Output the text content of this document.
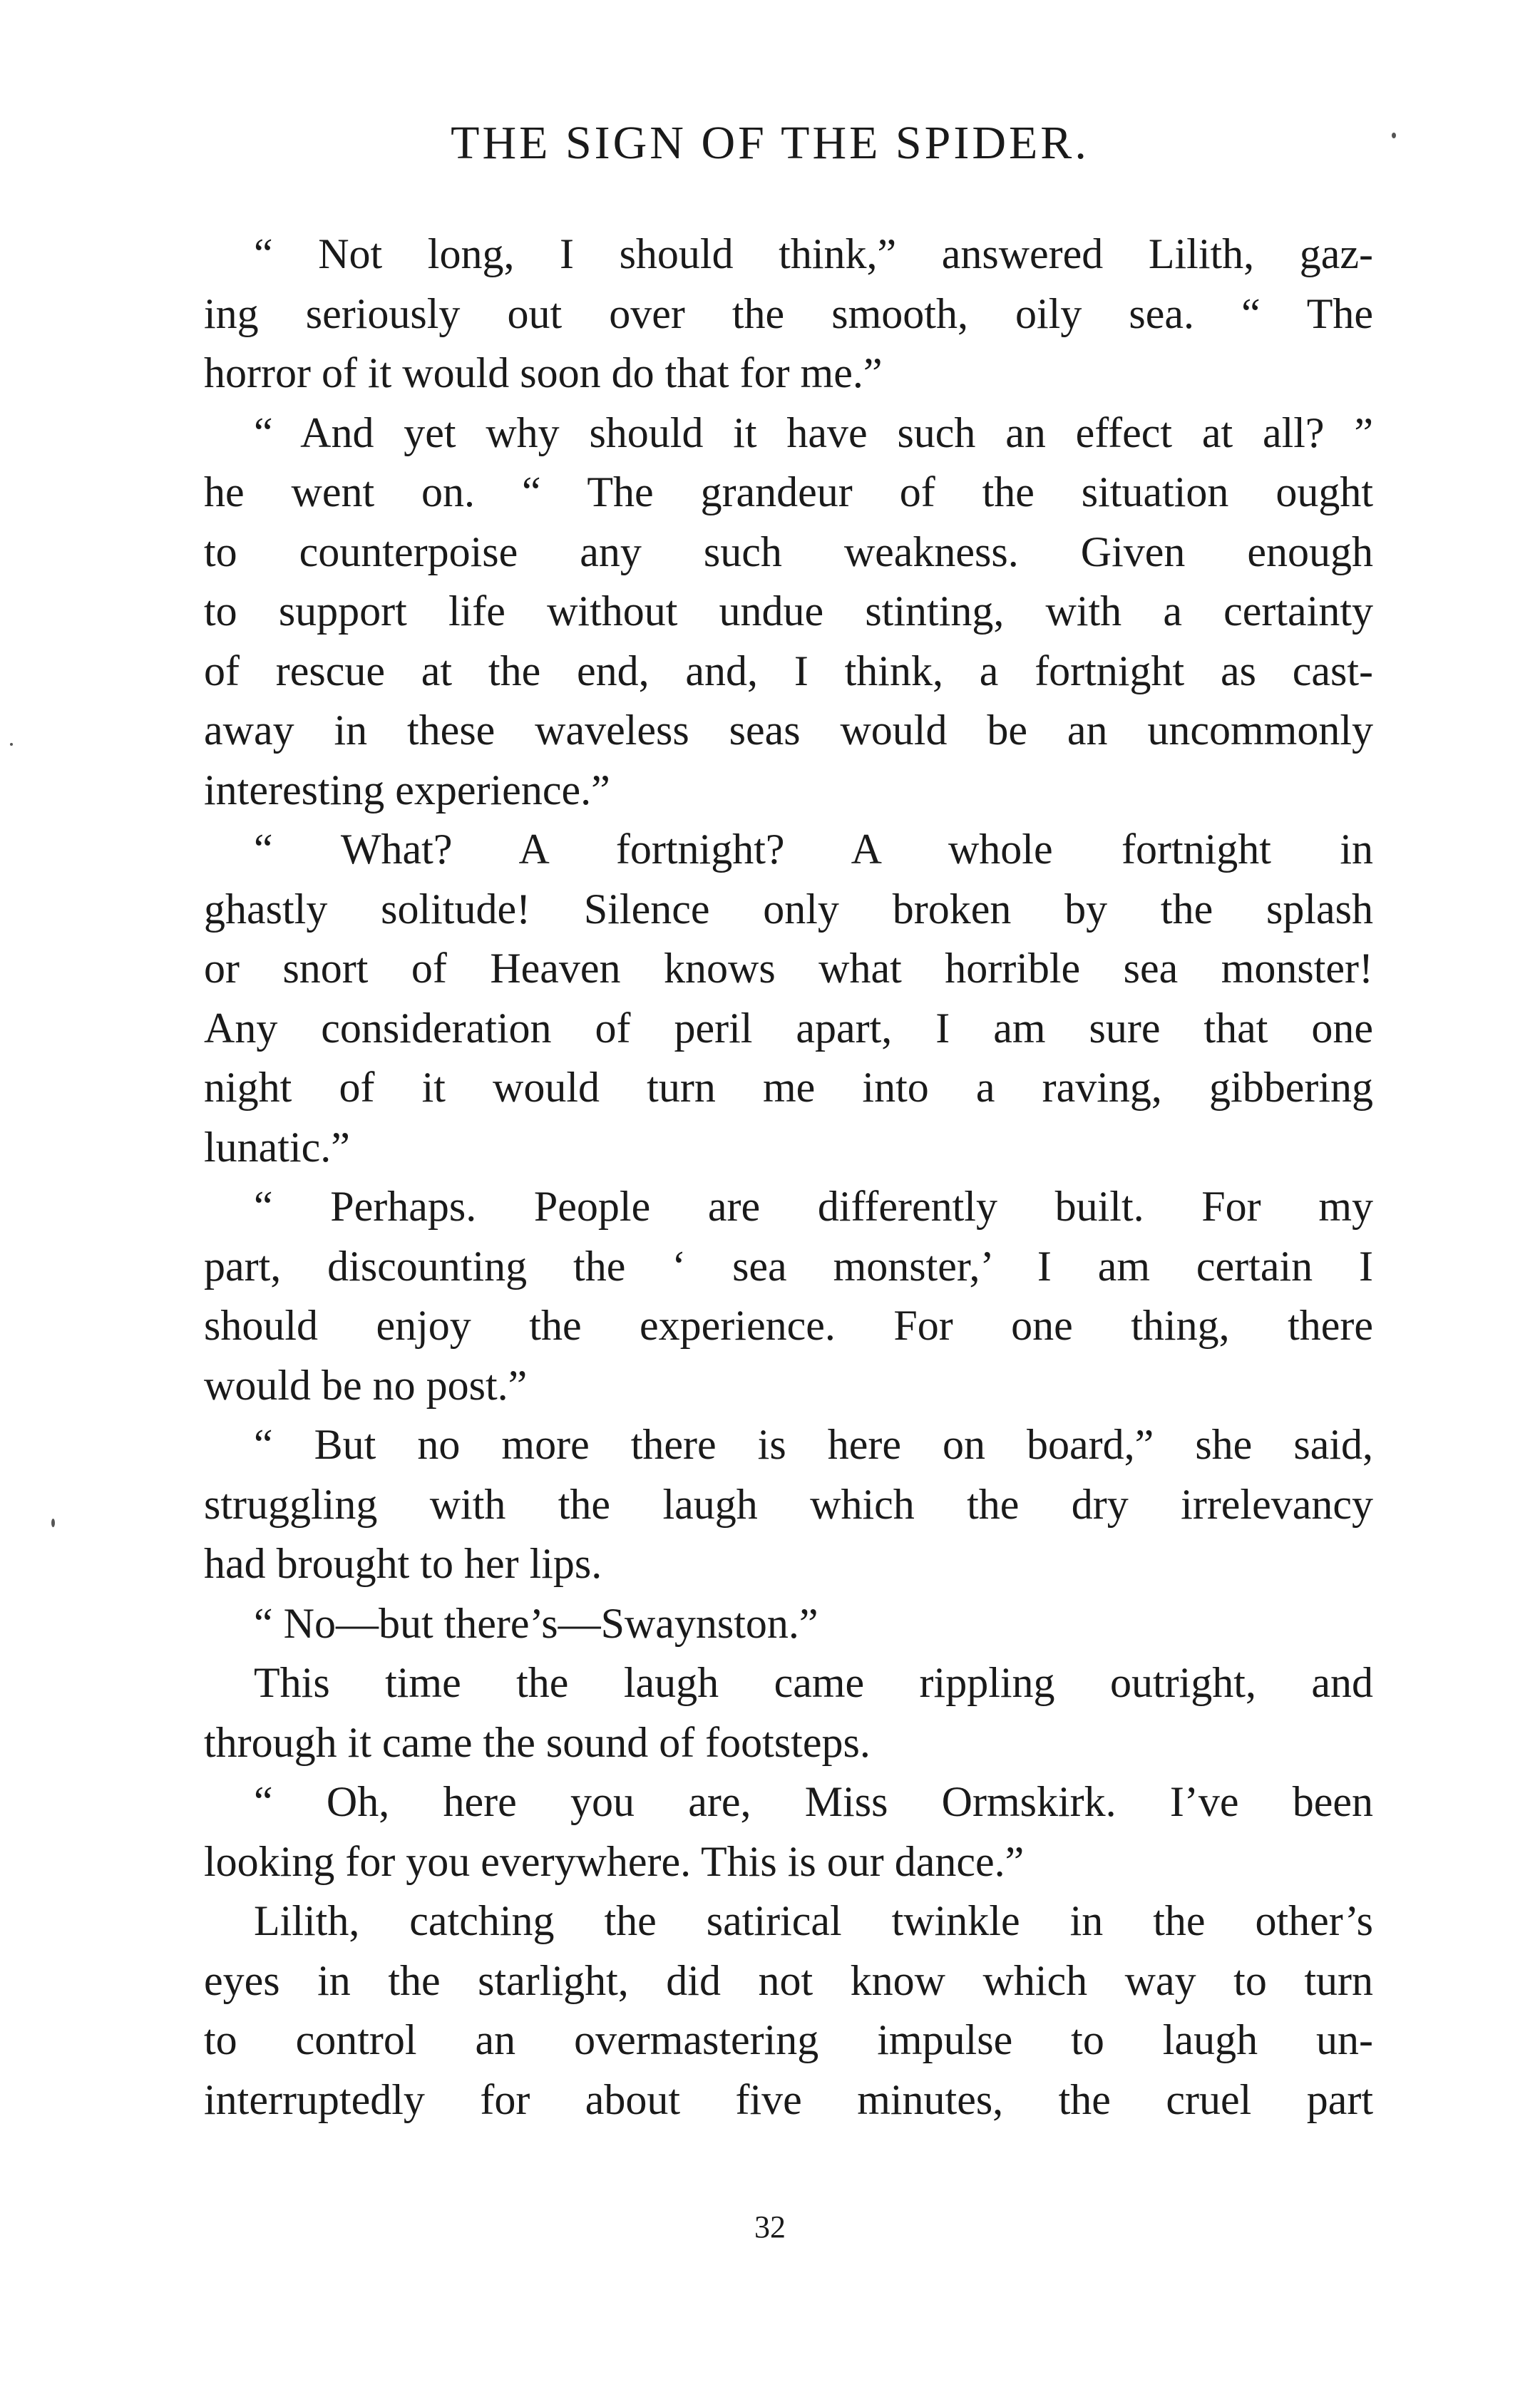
THE SIGN OF THE SPIDER.
“ Not long, I should think,” answered Lilith, gaz-
ing seriously out over the smooth, oily sea. “ The
horror of it would soon do that for me.”
“ And yet why should it have such an effect at all? ”
he went on. “ The grandeur of the situation ought
to counterpoise any such weakness. Given enough
to support life without undue stinting, with a certainty
of rescue at the end, and, I think, a fortnight as cast-
away in these waveless seas would be an uncommonly
interesting experience.”
“ What? A fortnight? A whole fortnight in
ghastly solitude! Silence only broken by the splash
or snort of Heaven knows what horrible sea monster!
Any consideration of peril apart, I am sure that one
night of it would turn me into a raving, gibbering
lunatic.”
“ Perhaps. People are differently built. For my
part, discounting the ‘ sea monster,’ I am certain I
should enjoy the experience. For one thing, there
would be no post.”
“ But no more there is here on board,” she said,
struggling with the laugh which the dry irrelevancy
had brought to her lips.
“ No—but there’s—Swaynston.”
This time the laugh came rippling outright, and
through it came the sound of footsteps.
“ Oh, here you are, Miss Ormskirk. I’ve been
looking for you everywhere. This is our dance.”
Lilith, catching the satirical twinkle in the other’s
eyes in the starlight, did not know which way to turn
to control an overmastering impulse to laugh un-
interruptedly for about five minutes, the cruel part
32
